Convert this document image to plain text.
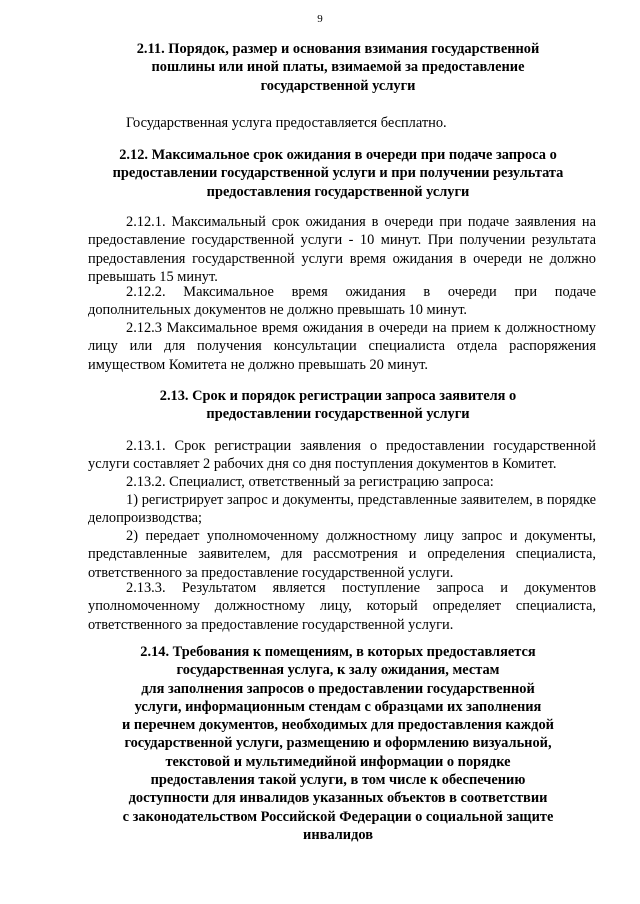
9
2.11. Порядок, размер и основания взимания государственной
пошлины или иной платы, взимаемой за предоставление
государственной услуги
Государственная услуга предоставляется бесплатно.
2.12. Максимальное срок ожидания в очереди при подаче запроса о
предоставлении государственной услуги и при получении результата
предоставления государственной услуги
2.12.1. Максимальный срок ожидания в очереди при подаче заявления на предоставление государственной услуги - 10 минут. При получении результата предоставления государственной услуги время ожидания в очереди не должно превышать 15 минут.
2.12.2. Максимальное время ожидания в очереди при подаче дополнительных документов не должно превышать 10 минут.
2.12.3 Максимальное время ожидания в очереди на прием к должностному лицу или для получения консультации специалиста отдела распоряжения имуществом Комитета не должно превышать 20 минут.
2.13. Срок и порядок регистрации запроса заявителя о
предоставлении государственной услуги
2.13.1. Срок регистрации заявления о предоставлении государственной услуги составляет 2 рабочих дня со дня поступления документов в Комитет.
2.13.2. Специалист, ответственный за регистрацию запроса:
1) регистрирует запрос и документы, представленные заявителем, в порядке делопроизводства;
2) передает уполномоченному должностному лицу запрос и документы, представленные заявителем, для рассмотрения и определения специалиста, ответственного за предоставление государственной услуги.
2.13.3. Результатом является поступление запроса и документов уполномоченному должностному лицу, который определяет специалиста, ответственного за предоставление государственной услуги.
2.14. Требования к помещениям, в которых предоставляется
государственная услуга, к залу ожидания, местам
для заполнения запросов о предоставлении государственной
услуги, информационным стендам с образцами их заполнения
и перечнем документов, необходимых для предоставления каждой
государственной услуги, размещению и оформлению визуальной,
текстовой и мультимедийной информации о порядке
предоставления такой услуги, в том числе к обеспечению
доступности для инвалидов указанных объектов в соответствии
с законодательством Российской Федерации о социальной защите
инвалидов
